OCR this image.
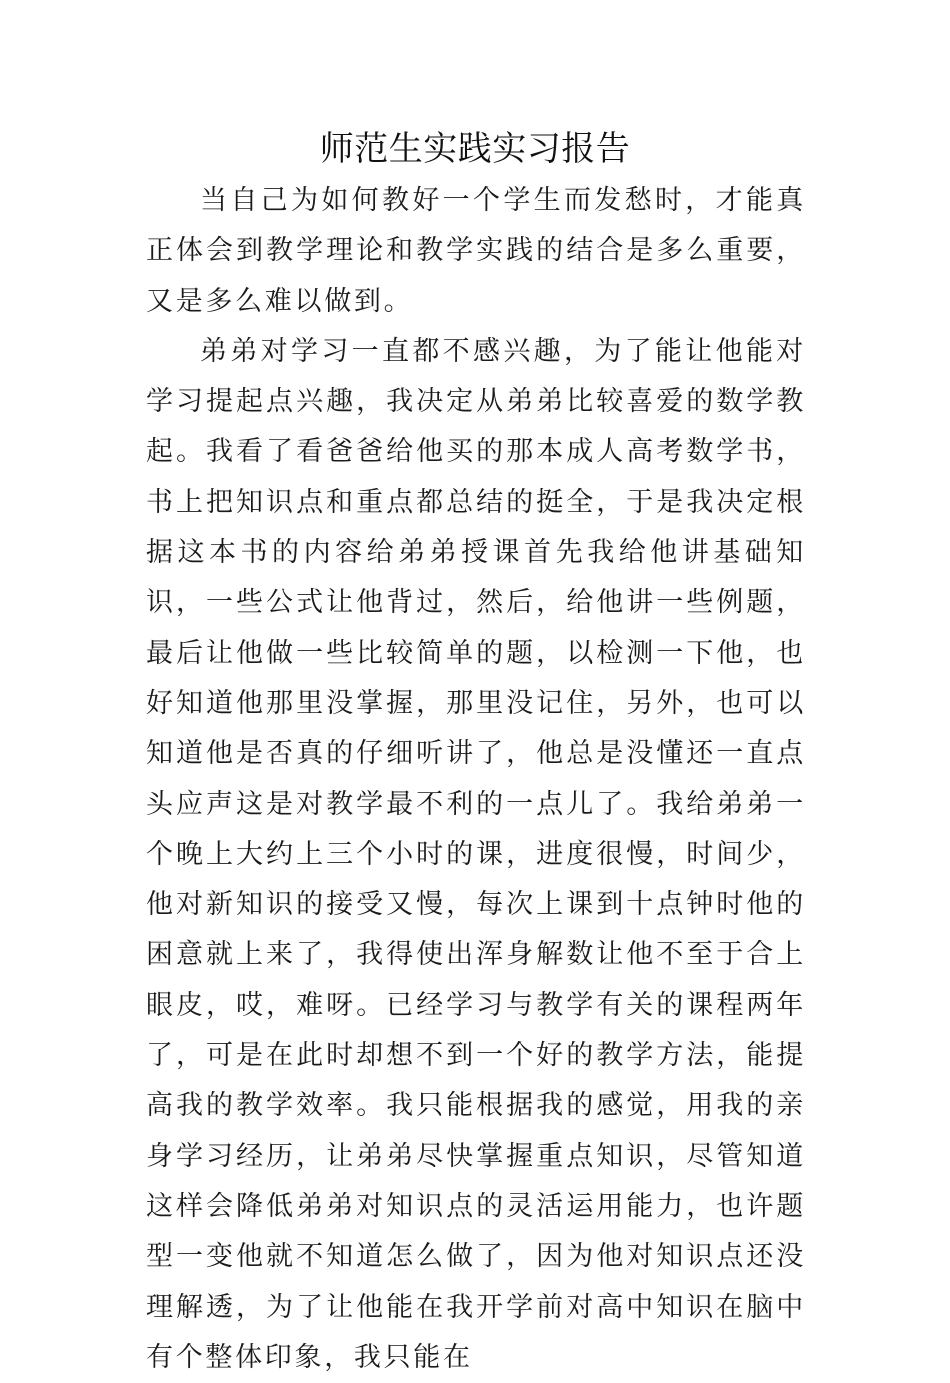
师范生实践实习报告

当自己为如何教好一个学生而发愁时，才能真正体会到教学理论和教学实践的结合是多么重要，又是多么难以做到。

弟弟对学习一直都不感兴趣，为了能让他能对学习提起点兴趣，我决定从弟弟比较喜爱的数学教起。我看了看爸爸给他买的那本成人高考数学书，书上把知识点和重点都总结的挺全，于是我决定根据这本书的内容给弟弟授课首先我给他讲基础知识，一些公式让他背过，然后，给他讲一些例题，最后让他做一些比较简单的题，以检测一下他，也好知道他那里没掌握，那里没记住，另外，也可以知道他是否真的仔细听讲了，他总是没懂还一直点头应声这是对教学最不利的一点儿了。我给弟弟一个晚上大约上三个小时的课，进度很慢，时间少，他对新知识的接受又慢，每次上课到十点钟时他的困意就上来了，我得使出浑身解数让他不至于合上眼皮，哎，难呀。已经学习与教学有关的课程两年了，可是在此时却想不到一个好的教学方法，能提高我的教学效率。我只能根据我的感觉，用我的亲身学习经历，让弟弟尽快掌握重点知识，尽管知道这样会降低弟弟对知识点的灵活运用能力，也许题型一变他就不知道怎么做了，因为他对知识点还没理解透，为了让他能在我开学前对高中知识在脑中有个整体印象，我只能在
